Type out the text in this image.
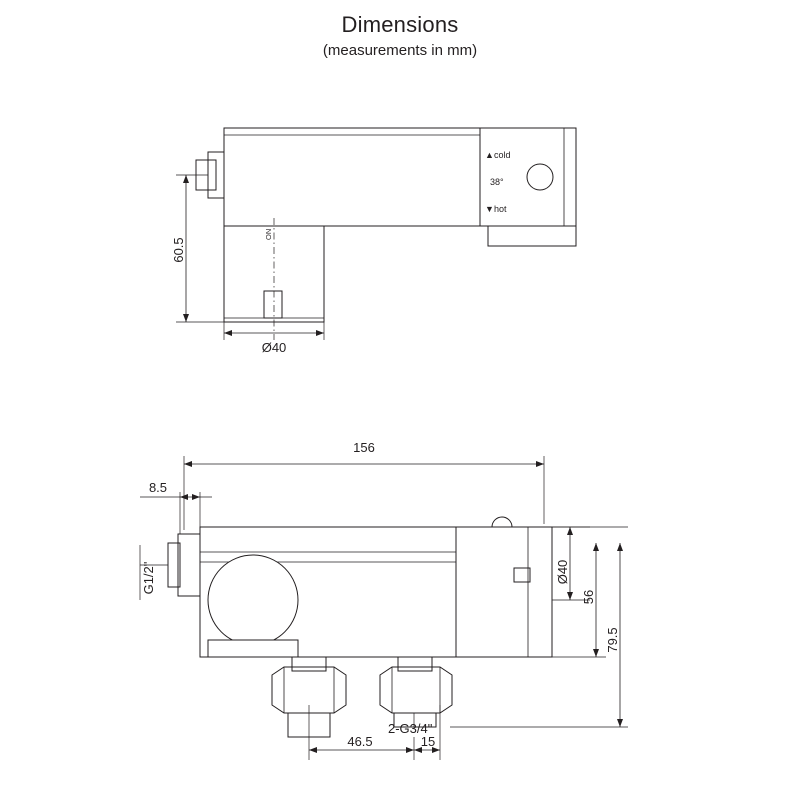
Dimensions
(measurements in mm)
▲ cold
38°
▼ hot
ON
60.5
Ø40
156
8.5
G1/2"	Ø40
56
79.5
2-G3/4"
46.5	15
